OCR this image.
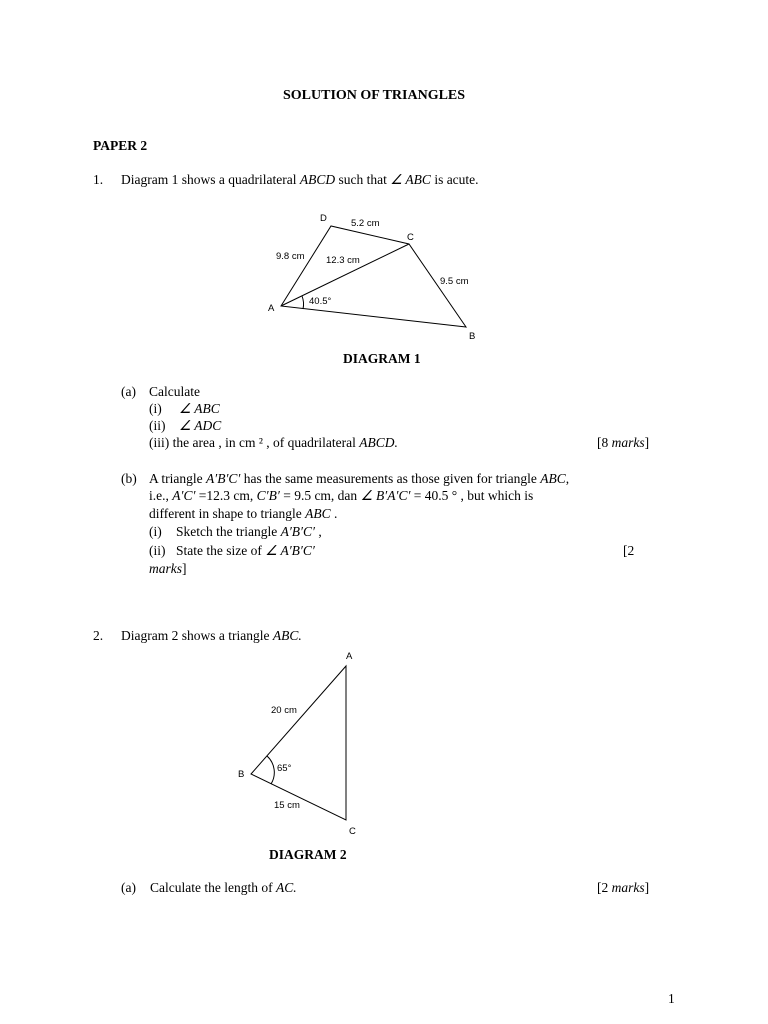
SOLUTION OF TRIANGLES
PAPER 2
1. Diagram 1 shows a quadrilateral ABCD such that ∠ ABC is acute.
D
C
A
B
5.2 cm
9.8 cm 12.3 cm
9.5 cm
40.5°
DIAGRAM 1
(a) Calculate
(i) ∠ ABC
(ii) ∠ ADC
(iii) the area , in cm ² , of quadrilateral ABCD.	[8 marks]
(b) A triangle A′B′C′ has the same measurements as those given for triangle ABC,
i.e., A′C′ =12.3 cm, C′B′ = 9.5 cm, dan ∠ B′A′C′ = 40.5 ° , but which is
different in shape to triangle ABC .
(i) Sketch the triangle A′B′C′ ,
(ii) State the size of ∠ A′B′C′	[2
marks]
2. Diagram 2 shows a triangle ABC.
A
B
C
20 cm
15 cm
65°
DIAGRAM 2
(a) Calculate the length of AC.	[2 marks]
1
